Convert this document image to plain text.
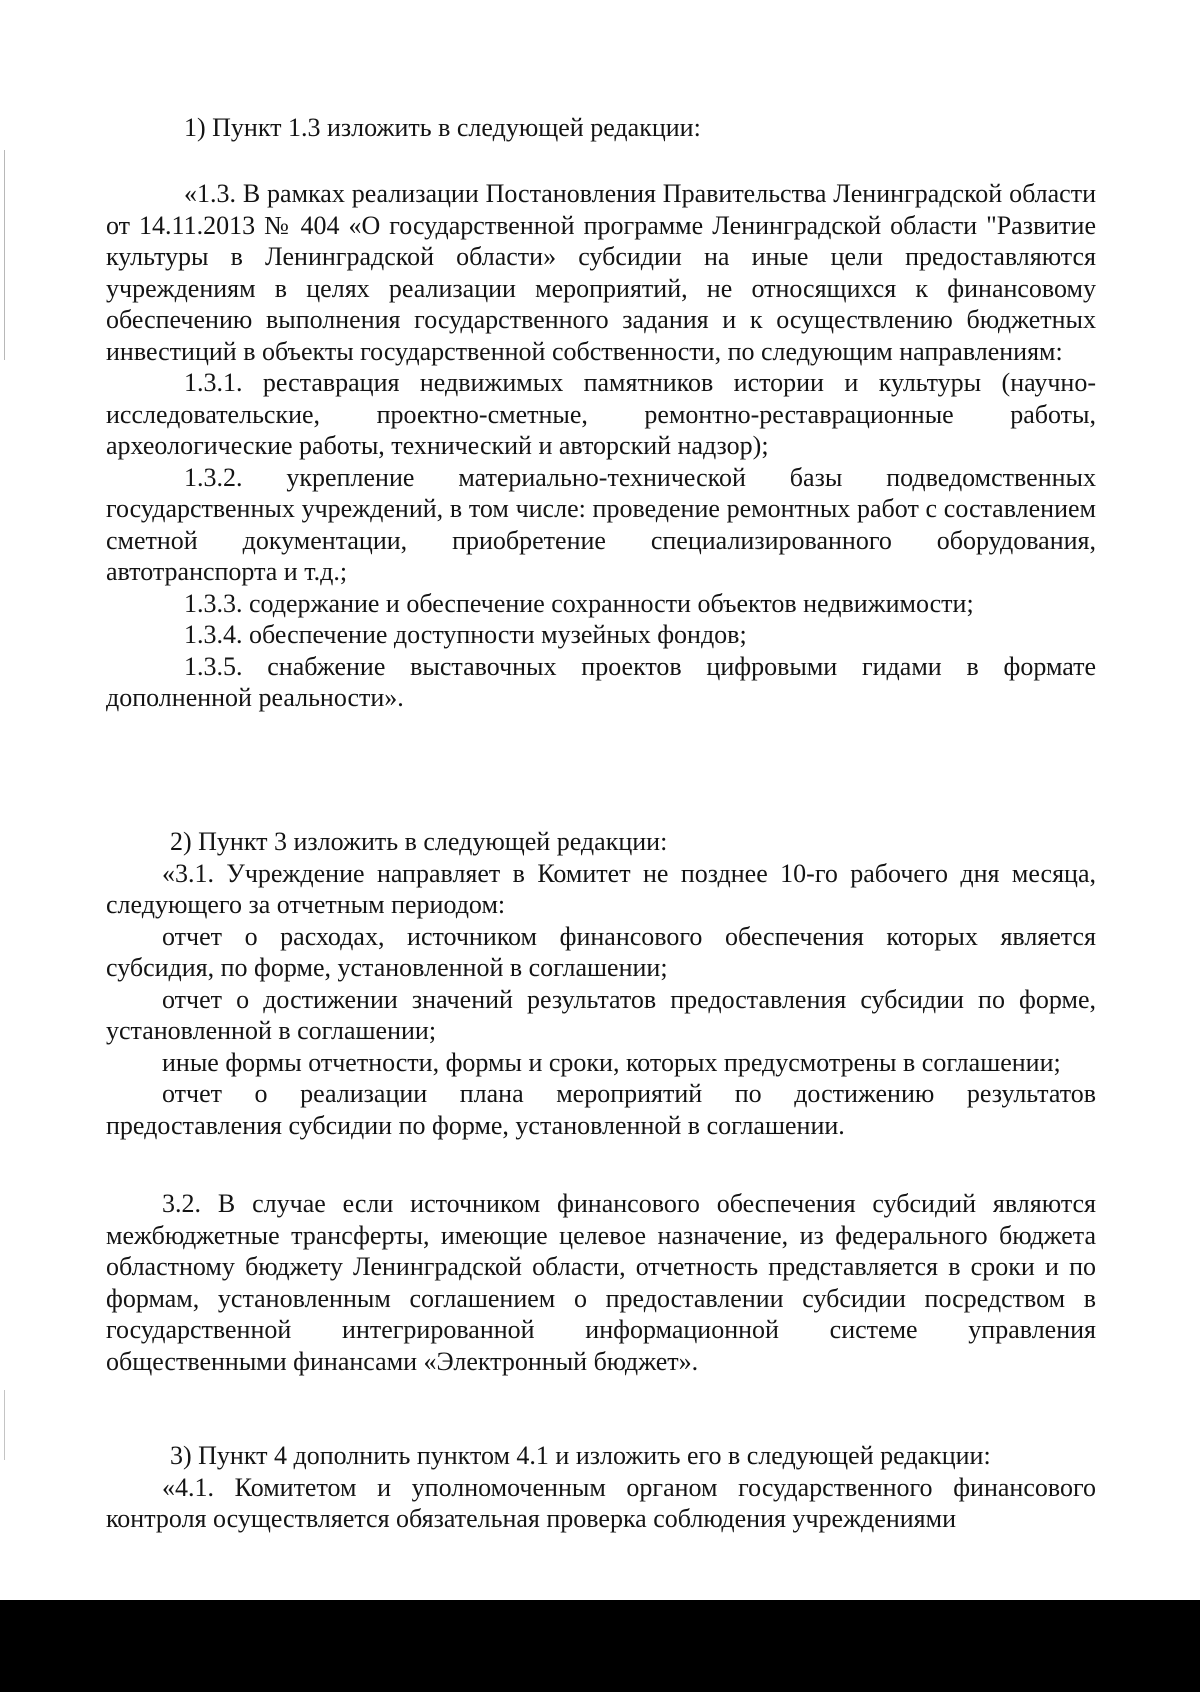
1) Пункт 1.3 изложить в следующей редакции:

«1.3. В рамках реализации Постановления Правительства Ленинградской области от 14.11.2013 № 404 «О государственной программе Ленинградской области "Развитие культуры в Ленинградской области» субсидии на иные цели предоставляются учреждениям в целях реализации мероприятий, не относящихся к финансовому обеспечению выполнения государственного задания и к осуществлению бюджетных инвестиций в объекты государственной собственности, по следующим направлениям:

1.3.1. реставрация недвижимых памятников истории и культуры (научно-исследовательские, проектно-сметные, ремонтно-реставрационные работы, археологические работы, технический и авторский надзор);

1.3.2. укрепление материально-технической базы подведомственных государственных учреждений, в том числе: проведение ремонтных работ с составлением сметной документации, приобретение специализированного оборудования, автотранспорта и т.д.;

1.3.3. содержание и обеспечение сохранности объектов недвижимости;

1.3.4. обеспечение доступности музейных фондов;

1.3.5. снабжение выставочных проектов цифровыми гидами в формате дополненной реальности».

2) Пункт 3 изложить в следующей редакции:

«3.1. Учреждение направляет в Комитет не позднее 10-го рабочего дня месяца, следующего за отчетным периодом:

отчет о расходах, источником финансового обеспечения которых является субсидия, по форме, установленной в соглашении;

отчет о достижении значений результатов предоставления субсидии по форме, установленной в соглашении;

иные формы отчетности, формы и сроки, которых предусмотрены в соглашении;

отчет о реализации плана мероприятий по достижению результатов предоставления субсидии по форме, установленной в соглашении.

3.2. В случае если источником финансового обеспечения субсидий являются межбюджетные трансферты, имеющие целевое назначение, из федерального бюджета областному бюджету Ленинградской области, отчетность представляется в сроки и по формам, установленным соглашением о предоставлении субсидии посредством в государственной интегрированной информационной системе управления общественными финансами «Электронный бюджет».

3) Пункт 4 дополнить пунктом 4.1 и изложить его в следующей редакции:

«4.1. Комитетом и уполномоченным органом государственного финансового контроля осуществляется обязательная проверка соблюдения учреждениями
